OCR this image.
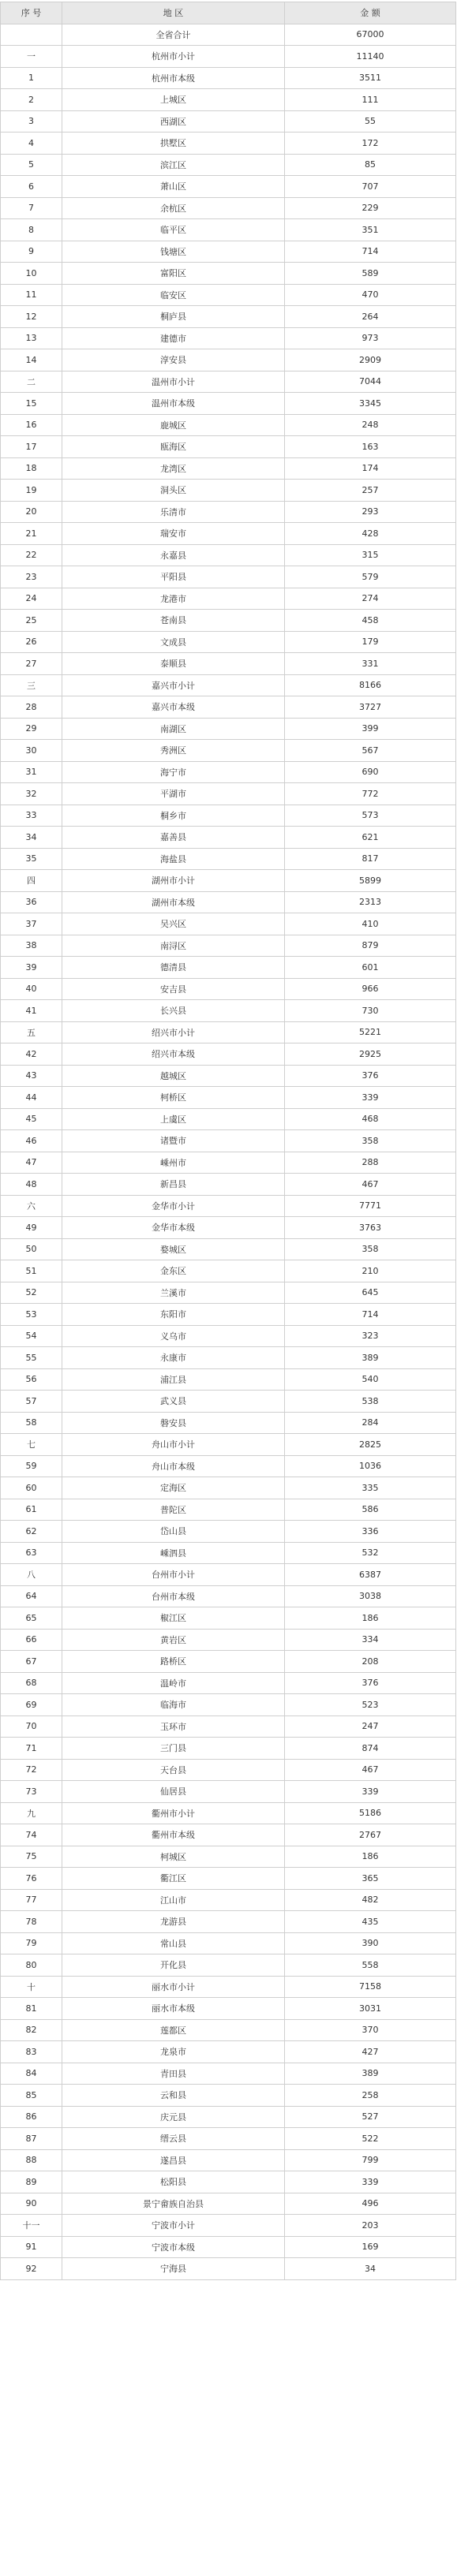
序 号	地 区	金 额
	全省合计	67000
一	杭州市小计	11140
1	杭州市本级	3511
2	上城区	111
3	西湖区	55
4	拱墅区	172
5	滨江区	85
6	萧山区	707
7	余杭区	229
8	临平区	351
9	钱塘区	714
10	富阳区	589
11	临安区	470
12	桐庐县	264
13	建德市	973
14	淳安县	2909
二	温州市小计	7044
15	温州市本级	3345
16	鹿城区	248
17	瓯海区	163
18	龙湾区	174
19	洞头区	257
20	乐清市	293
21	瑞安市	428
22	永嘉县	315
23	平阳县	579
24	龙港市	274
25	苍南县	458
26	文成县	179
27	泰顺县	331
三	嘉兴市小计	8166
28	嘉兴市本级	3727
29	南湖区	399
30	秀洲区	567
31	海宁市	690
32	平湖市	772
33	桐乡市	573
34	嘉善县	621
35	海盐县	817
四	湖州市小计	5899
36	湖州市本级	2313
37	吴兴区	410
38	南浔区	879
39	德清县	601
40	安吉县	966
41	长兴县	730
五	绍兴市小计	5221
42	绍兴市本级	2925
43	越城区	376
44	柯桥区	339
45	上虞区	468
46	诸暨市	358
47	嵊州市	288
48	新昌县	467
六	金华市小计	7771
49	金华市本级	3763
50	婺城区	358
51	金东区	210
52	兰溪市	645
53	东阳市	714
54	义乌市	323
55	永康市	389
56	浦江县	540
57	武义县	538
58	磐安县	284
七	舟山市小计	2825
59	舟山市本级	1036
60	定海区	335
61	普陀区	586
62	岱山县	336
63	嵊泗县	532
八	台州市小计	6387
64	台州市本级	3038
65	椒江区	186
66	黄岩区	334
67	路桥区	208
68	温岭市	376
69	临海市	523
70	玉环市	247
71	三门县	874
72	天台县	467
73	仙居县	339
九	衢州市小计	5186
74	衢州市本级	2767
75	柯城区	186
76	衢江区	365
77	江山市	482
78	龙游县	435
79	常山县	390
80	开化县	558
十	丽水市小计	7158
81	丽水市本级	3031
82	莲都区	370
83	龙泉市	427
84	青田县	389
85	云和县	258
86	庆元县	527
87	缙云县	522
88	遂昌县	799
89	松阳县	339
90	景宁畲族自治县	496
十一	宁波市小计	203
91	宁波市本级	169
92	宁海县	34
